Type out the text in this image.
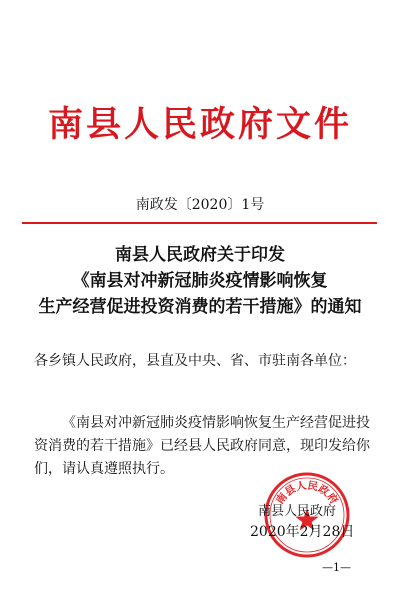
南县人民政府文件
南政发〔2020〕1号
南县人民政府关于印发
《南县对冲新冠肺炎疫情影响恢复
生产经营促进投资消费的若干措施》的通知
各乡镇人民政府，县直及中央、省、市驻南各单位：
《南县对冲新冠肺炎疫情影响恢复生产经营促进投资消费的若干措施》已经县人民政府同意，现印发给你们，请认真遵照执行。
南县人民政府
南县人民政府
2020年2月28日
—1—
